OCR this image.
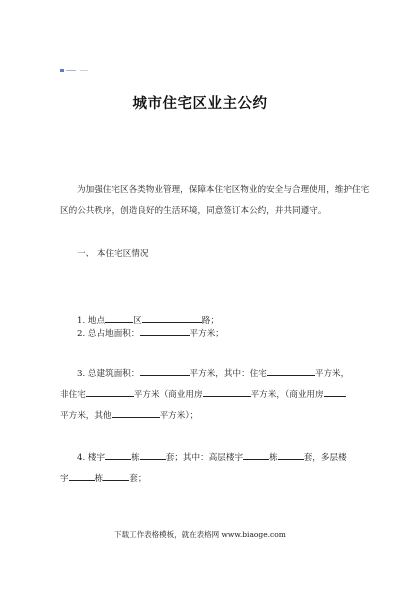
城市住宅区业主公约
为加强住宅区各类物业管理，保障本住宅区物业的安全与合理使用，维护住宅
区的公共秩序，创造良好的生活环境，同意签订本公约，并共同遵守。
一、 本住宅区情况
1. 地点	区	路；
2. 总占地面积：	平方米；
3. 总建筑面积：	平方米，其中：住宅	平方米，
非住宅	平方米（商业用房	平方米，（商业用房
平方米，其他	平方米）；
4. 楼宇	栋	套；其中：高层楼宇	栋	套，多层楼
宇	栋	套；
下载工作表格模板，就在表格网 www.biaoge.com
